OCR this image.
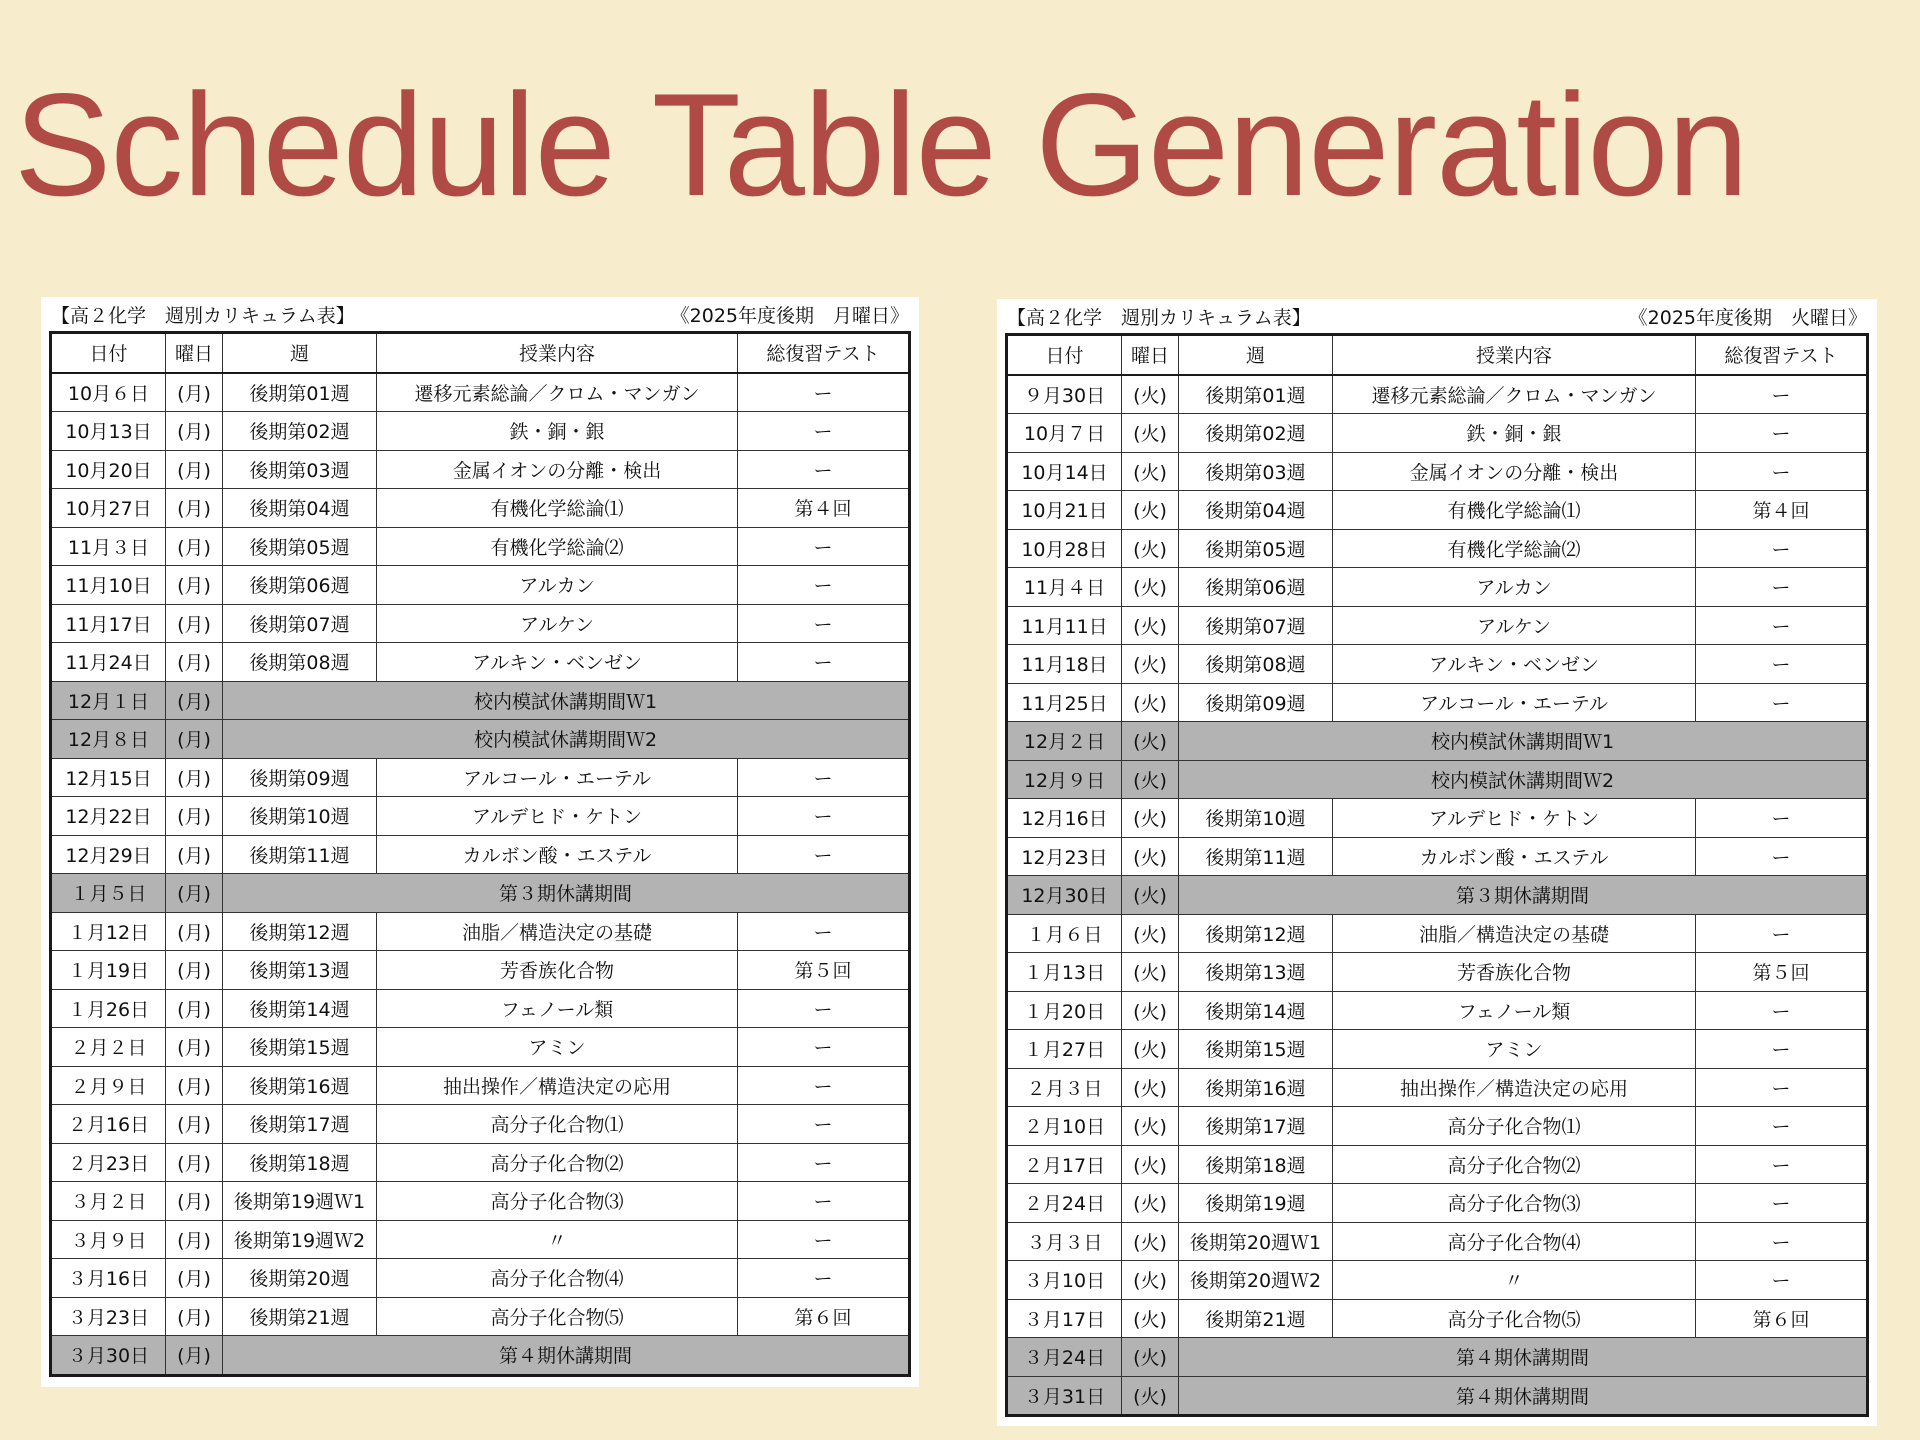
Schedule Table Generation
【高２化学　週別カリキュラム表】	《2025年度後期　月曜日》
日付	曜日	週	授業内容	総復習テスト
10月６日	(月)	後期第01週	遷移元素総論／クロム・マンガン	ー
10月13日	(月)	後期第02週	鉄・銅・銀	ー
10月20日	(月)	後期第03週	金属イオンの分離・検出	ー
10月27日	(月)	後期第04週	有機化学総論⑴	第４回
11月３日	(月)	後期第05週	有機化学総論⑵	ー
11月10日	(月)	後期第06週	アルカン	ー
11月17日	(月)	後期第07週	アルケン	ー
11月24日	(月)	後期第08週	アルキン・ベンゼン	ー
12月１日	(月)	校内模試休講期間Ｗ1		
12月８日	(月)	校内模試休講期間Ｗ2		
12月15日	(月)	後期第09週	アルコール・エーテル	ー
12月22日	(月)	後期第10週	アルデヒド・ケトン	ー
12月29日	(月)	後期第11週	カルボン酸・エステル	ー
１月５日	(月)	第３期休講期間		
１月12日	(月)	後期第12週	油脂／構造決定の基礎	ー
１月19日	(月)	後期第13週	芳香族化合物	第５回
１月26日	(月)	後期第14週	フェノール類	ー
２月２日	(月)	後期第15週	アミン	ー
２月９日	(月)	後期第16週	抽出操作／構造決定の応用	ー
２月16日	(月)	後期第17週	高分子化合物⑴	ー
２月23日	(月)	後期第18週	高分子化合物⑵	ー
３月２日	(月)	後期第19週Ｗ1	高分子化合物⑶	ー
３月９日	(月)	後期第19週Ｗ2	〃	ー
３月16日	(月)	後期第20週	高分子化合物⑷	ー
３月23日	(月)	後期第21週	高分子化合物⑸	第６回
３月30日	(月)	第４期休講期間		
【高２化学　週別カリキュラム表】	《2025年度後期　火曜日》
日付	曜日	週	授業内容	総復習テスト
９月30日	(火)	後期第01週	遷移元素総論／クロム・マンガン	ー
10月７日	(火)	後期第02週	鉄・銅・銀	ー
10月14日	(火)	後期第03週	金属イオンの分離・検出	ー
10月21日	(火)	後期第04週	有機化学総論⑴	第４回
10月28日	(火)	後期第05週	有機化学総論⑵	ー
11月４日	(火)	後期第06週	アルカン	ー
11月11日	(火)	後期第07週	アルケン	ー
11月18日	(火)	後期第08週	アルキン・ベンゼン	ー
11月25日	(火)	後期第09週	アルコール・エーテル	ー
12月２日	(火)	校内模試休講期間Ｗ1		
12月９日	(火)	校内模試休講期間Ｗ2		
12月16日	(火)	後期第10週	アルデヒド・ケトン	ー
12月23日	(火)	後期第11週	カルボン酸・エステル	ー
12月30日	(火)	第３期休講期間		
１月６日	(火)	後期第12週	油脂／構造決定の基礎	ー
１月13日	(火)	後期第13週	芳香族化合物	第５回
１月20日	(火)	後期第14週	フェノール類	ー
１月27日	(火)	後期第15週	アミン	ー
２月３日	(火)	後期第16週	抽出操作／構造決定の応用	ー
２月10日	(火)	後期第17週	高分子化合物⑴	ー
２月17日	(火)	後期第18週	高分子化合物⑵	ー
２月24日	(火)	後期第19週	高分子化合物⑶	ー
３月３日	(火)	後期第20週Ｗ1	高分子化合物⑷	ー
３月10日	(火)	後期第20週Ｗ2	〃	ー
３月17日	(火)	後期第21週	高分子化合物⑸	第６回
３月24日	(火)	第４期休講期間		
３月31日	(火)	第４期休講期間		
